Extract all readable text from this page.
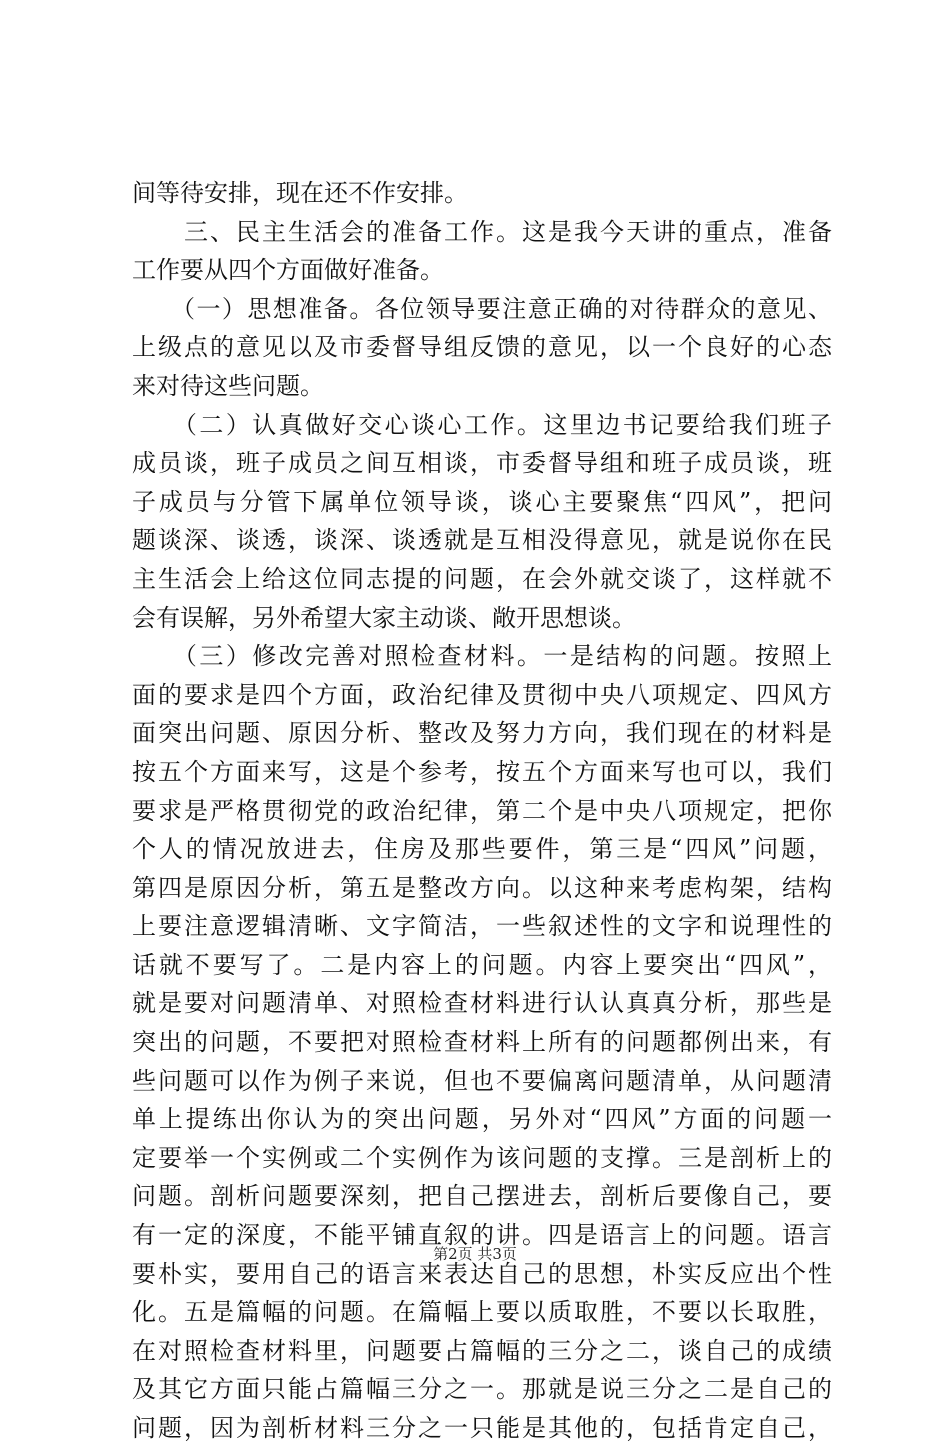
间等待安排，现在还不作安排。
　　三、民主生活会的准备工作。这是我今天讲的重点，准备
工作要从四个方面做好准备。
　　（一）思想准备。各位领导要注意正确的对待群众的意见、
上级点的意见以及市委督导组反馈的意见，以一个良好的心态
来对待这些问题。
　　（二）认真做好交心谈心工作。这里边书记要给我们班子
成员谈，班子成员之间互相谈，市委督导组和班子成员谈，班
子成员与分管下属单位领导谈，谈心主要聚焦“四风”，把问
题谈深、谈透，谈深、谈透就是互相没得意见，就是说你在民
主生活会上给这位同志提的问题，在会外就交谈了，这样就不
会有误解，另外希望大家主动谈、敞开思想谈。
　　（三）修改完善对照检查材料。一是结构的问题。按照上
面的要求是四个方面，政治纪律及贯彻中央八项规定、四风方
面突出问题、原因分析、整改及努力方向，我们现在的材料是
按五个方面来写，这是个参考，按五个方面来写也可以，我们
要求是严格贯彻党的政治纪律，第二个是中央八项规定，把你
个人的情况放进去，住房及那些要件，第三是“四风”问题，
第四是原因分析，第五是整改方向。以这种来考虑构架，结构
上要注意逻辑清晰、文字简洁，一些叙述性的文字和说理性的
话就不要写了。二是内容上的问题。内容上要突出“四风”，
就是要对问题清单、对照检查材料进行认认真真分析，那些是
突出的问题，不要把对照检查材料上所有的问题都例出来，有
些问题可以作为例子来说，但也不要偏离问题清单，从问题清
单上提练出你认为的突出问题，另外对“四风”方面的问题一
定要举一个实例或二个实例作为该问题的支撑。三是剖析上的
问题。剖析问题要深刻，把自己摆进去，剖析后要像自己，要
有一定的深度，不能平铺直叙的讲。四是语言上的问题。语言
要朴实，要用自己的语言来表达自己的思想，朴实反应出个性
化。五是篇幅的问题。在篇幅上要以质取胜，不要以长取胜，
在对照检查材料里，问题要占篇幅的三分之二，谈自己的成绩
及其它方面只能占篇幅三分之一。那就是说三分之二是自己的
问题，因为剖析材料三分之一只能是其他的，包括肯定自己，
第2页 共3页
